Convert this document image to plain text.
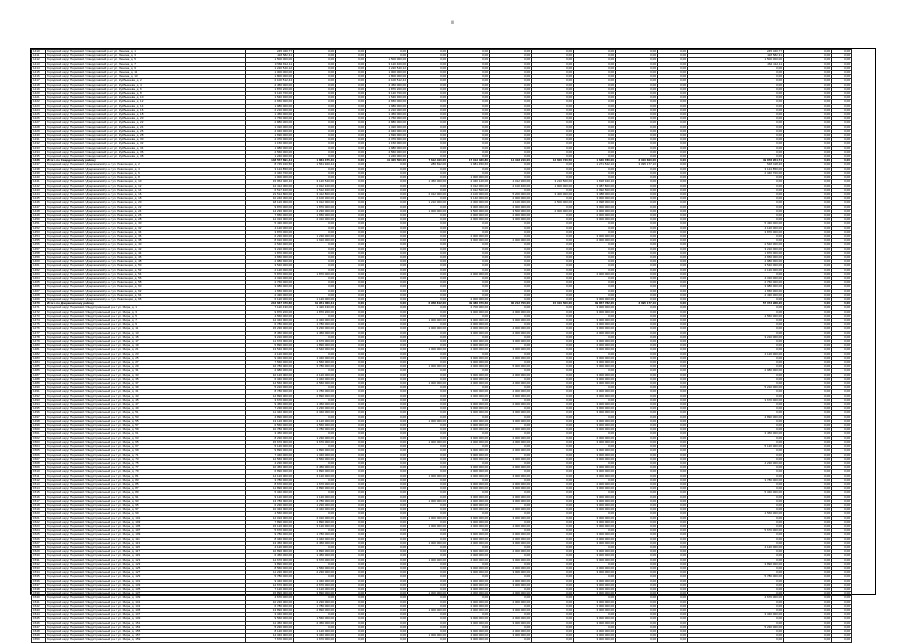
ii
1410	Городской округ Пермский / Свердловский р-н / ул. Ленина, д. 1	245 340,77	0,00	0,00	0,00	0,00	0,00	0,00	0,00	0,00	0,00	0,00	245 340,77	0,00	0,00
1411	Городской округ Пермский / Свердловский р-н / ул. Ленина, д. 3	118 582,31	0,00	0,00	0,00	0,00	0,00	0,00	0,00	0,00	0,00	0,00	118 582,31	0,00	0,00
1412	Городской округ Пермский / Свердловский р-н / ул. Ленина, д. 5	1 500 000,00	0,00	0,00	1 500 000,00	0,00	0,00	0,00	0,00	0,00	0,00	0,00	1 500 000,00	0,00	0,00
1413	Городской округ Пермский / Свердловский р-н / ул. Ленина, д. 7	3 582 812,11	0,00	0,00	3 120 400,00	0,00	0,00	0,00	0,00	0,00	0,00	0,00	462 412,11	0,00	0,00
1414	Городской округ Пермский / Свердловский р-н / ул. Ленина, д. 9	1 220 540,12	0,00	0,00	1 220 540,12	0,00	0,00	0,00	0,00	0,00	0,00	0,00	0,00	0,00	0,00
1415	Городской округ Пермский / Свердловский р-н / ул. Ленина, д. 11	1 000 000,00	0,00	0,00	1 000 000,00	0,00	0,00	0,00	0,00	0,00	0,00	0,00	0,00	0,00	0,00
1416	Городской округ Пермский / Свердловский р-н / ул. Ленина, д. 13	1 800 000,00	0,00	0,00	1 800 000,00	0,00	0,00	0,00	0,00	0,00	0,00	0,00	0,00	0,00	0,00
1417	Городской округ Пермский / Свердловский р-н / ул. Куйбышева, д. 2	2 100 512,44	0,00	0,00	2 100 512,44	0,00	0,00	0,00	0,00	0,00	0,00	0,00	0,00	0,00	0,00
1418	Городской округ Пермский / Свердловский р-н / ул. Куйбышева, д. 4	2 450 000,00	0,00	0,00	2 450 000,00	0,00	0,00	0,00	0,00	0,00	0,00	0,00	0,00	0,00	0,00
1419	Городской округ Пермский / Свердловский р-н / ул. Куйбышева, д. 6	1 870 200,00	0,00	0,00	1 870 200,00	0,00	0,00	0,00	0,00	0,00	0,00	0,00	0,00	0,00	0,00
1420	Городской округ Пермский / Свердловский р-н / ул. Куйбышева, д. 8	3 120 700,00	0,00	0,00	3 120 700,00	0,00	0,00	0,00	0,00	0,00	0,00	0,00	0,00	0,00	0,00
1421	Городской округ Пермский / Свердловский р-н / ул. Куйбышева, д. 10	1 540 300,00	0,00	0,00	1 540 300,00	0,00	0,00	0,00	0,00	0,00	0,00	0,00	0,00	0,00	0,00
1422	Городской округ Пермский / Свердловский р-н / ул. Куйбышева, д. 12	2 650 000,00	0,00	0,00	2 650 000,00	0,00	0,00	0,00	0,00	0,00	0,00	0,00	0,00	0,00	0,00
1423	Городской округ Пермский / Свердловский р-н / ул. Куйбышева, д. 14	1 980 000,00	0,00	0,00	1 980 000,00	0,00	0,00	0,00	0,00	0,00	0,00	0,00	0,00	0,00	0,00
1424	Городской округ Пермский / Свердловский р-н / ул. Куйбышева, д. 16	2 210 000,00	0,00	0,00	2 210 000,00	0,00	0,00	0,00	0,00	0,00	0,00	0,00	0,00	0,00	0,00
1425	Городской округ Пермский / Свердловский р-н / ул. Куйбышева, д. 18	1 450 000,00	0,00	0,00	1 450 000,00	0,00	0,00	0,00	0,00	0,00	0,00	0,00	0,00	0,00	0,00
1426	Городской округ Пермский / Свердловский р-н / ул. Куйбышева, д. 20	1 760 000,00	0,00	0,00	1 760 000,00	0,00	0,00	0,00	0,00	0,00	0,00	0,00	0,00	0,00	0,00
1427	Городской округ Пермский / Свердловский р-н / ул. Куйбышева, д. 22	2 880 000,00	0,00	0,00	2 880 000,00	0,00	0,00	0,00	0,00	0,00	0,00	0,00	0,00	0,00	0,00
1428	Городской округ Пермский / Свердловский р-н / ул. Куйбышева, д. 24	1 320 000,00	0,00	0,00	1 320 000,00	0,00	0,00	0,00	0,00	0,00	0,00	0,00	0,00	0,00	0,00
1429	Городской округ Пермский / Свердловский р-н / ул. Куйбышева, д. 26	2 040 000,00	0,00	0,00	2 040 000,00	0,00	0,00	0,00	0,00	0,00	0,00	0,00	0,00	0,00	0,00
1430	Городской округ Пермский / Свердловский р-н / ул. Куйбышева, д. 28	1 690 000,00	0,00	0,00	1 690 000,00	0,00	0,00	0,00	0,00	0,00	0,00	0,00	0,00	0,00	0,00
1431	Городской округ Пермский / Свердловский р-н / ул. Куйбышева, д. 30	2 370 000,00	0,00	0,00	2 370 000,00	0,00	0,00	0,00	0,00	0,00	0,00	0,00	0,00	0,00	0,00
1432	Городской округ Пермский / Свердловский р-н / ул. Куйбышева, д. 32	1 150 000,00	0,00	0,00	1 150 000,00	0,00	0,00	0,00	0,00	0,00	0,00	0,00	0,00	0,00	0,00
1433	Городской округ Пермский / Свердловский р-н / ул. Куйбышева, д. 34	1 980 000,00	0,00	0,00	1 980 000,00	0,00	0,00	0,00	0,00	0,00	0,00	0,00	0,00	0,00	0,00
1434	Городской округ Пермский / Свердловский р-н / ул. Куйбышева, д. 36	2 560 000,00	0,00	0,00	2 560 000,00	0,00	0,00	0,00	0,00	0,00	0,00	0,00	0,00	0,00	0,00
1435	Городской округ Пермский / Свердловский р-н / ул. Куйбышева, д. 38	1 240 000,00	0,00	0,00	1 240 000,00	0,00	0,00	0,00	0,00	0,00	0,00	0,00	0,00	0,00	0,00
1436	Итого по Свердловскому району	148 557 891,44	1 864 375,40	0,00	41 320 500,00	7 612 400,00	17 012 330,80	14 318 210,00	12 600 740,50	1 640 780,00	2 310 600,00	0,00	49 878 954,74	0,00	0,00
1437	Городской округ Пермский / Дзержинский р-н / ул. Революции, д. 2	8 745 320,50	1 561 920,44	0,00	0,00	286 812,00	1 981 450,66	0,00	0,00	1 271 542,10	3 095 177,10	0,00	548 418,20	0,00	0,00
1438	Городской округ Пермский / Дзержинский р-н / ул. Революции, д. 4	3 124 850,00	0,00	0,00	0,00	0,00	0,00	0,00	0,00	0,00	0,00	0,00	3 124 850,00	0,00	0,00
1439	Городской округ Пермский / Дзержинский р-н / ул. Революции, д. 6	2 340 700,00	0,00	0,00	0,00	0,00	0,00	0,00	0,00	0,00	0,00	0,00	2 340 700,00	0,00	0,00
1440	Городской округ Пермский / Дзержинский р-н / ул. Революции, д. 8	1 000 000,00	0,00	0,00	0,00	0,00	1 000 000,00	0,00	0,00	0,00	0,00	0,00	0,00	0,00	0,00
1441	Городской округ Пермский / Дзержинский р-н / ул. Революции, д. 10	15 952 400,10	3 120 540,00	0,00	0,00	1 450 000,00	2 340 120,00	4 012 300,00	3 210 500,00	1 818 940,10	0,00	0,00	0,00	0,00	0,00
1442	Городской округ Пермский / Дзержинский р-н / ул. Революции, д. 12	12 412 300,00	2 012 100,00	0,00	0,00	0,00	3 012 000,00	2 100 400,00	1 900 000,00	3 387 800,00	0,00	0,00	0,00	0,00	0,00
1443	Городской округ Пермский / Дзержинский р-н / ул. Революции, д. 14	6 517 400,00	1 512 400,00	0,00	0,00	0,00	2 012 500,00	0,00	0,00	2 992 500,00	0,00	0,00	0,00	0,00	0,00
1444	Городской округ Пермский / Дзержинский р-н / ул. Революции, д. 16	21 512 800,00	3 412 800,00	0,00	0,00	2 012 000,00	4 100 000,00	5 200 000,00	3 400 000,00	3 388 000,00	0,00	0,00	0,00	0,00	0,00
1445	Городской округ Пермский / Дзержинский р-н / ул. Революции, д. 18	10 240 300,00	2 100 300,00	0,00	0,00	0,00	3 140 000,00	2 000 000,00	0,00	3 000 000,00	0,00	0,00	0,00	0,00	0,00
1446	Городской округ Пермский / Дзержинский р-н / ул. Революции, д. 20	18 120 000,00	3 012 000,00	0,00	0,00	1 210 000,00	4 300 000,00	4 100 000,00	2 500 000,00	2 998 000,00	0,00	0,00	0,00	0,00	0,00
1447	Городской округ Пермский / Дзержинский р-н / ул. Революции, д. 22	9 870 000,00	1 870 000,00	0,00	0,00	0,00	3 000 000,00	2 000 000,00	0,00	3 000 000,00	0,00	0,00	0,00	0,00	0,00
1448	Городской округ Пермский / Дзержинский р-н / ул. Революции, д. 24	14 230 000,00	2 230 000,00	0,00	0,00	1 000 000,00	3 500 000,00	3 500 000,00	2 000 000,00	2 000 000,00	0,00	0,00	0,00	0,00	0,00
1449	Городской округ Пермский / Дзержинский р-н / ул. Революции, д. 26	7 650 000,00	1 650 000,00	0,00	0,00	0,00	2 000 000,00	2 000 000,00	0,00	2 000 000,00	0,00	0,00	0,00	0,00	0,00
1450	Городской округ Пермский / Дзержинский р-н / ул. Революции, д. 28	12 310 000,00	2 310 000,00	0,00	0,00	0,00	4 000 000,00	3 000 000,00	0,00	3 000 000,00	0,00	0,00	0,00	0,00	0,00
1451	Городской округ Пермский / Дзержинский р-н / ул. Революции, д. 30	5 430 000,00	0,00	0,00	0,00	0,00	0,00	0,00	0,00	0,00	0,00	0,00	5 430 000,00	0,00	0,00
1452	Городской округ Пермский / Дзержинский р-н / ул. Революции, д. 32	4 120 000,00	0,00	0,00	0,00	0,00	0,00	0,00	0,00	0,00	0,00	0,00	4 120 000,00	0,00	0,00
1453	Городской округ Пермский / Дзержинский р-н / ул. Революции, д. 34	3 870 000,00	0,00	0,00	0,00	0,00	0,00	0,00	0,00	0,00	0,00	0,00	3 870 000,00	0,00	0,00
1454	Городской округ Пермский / Дзержинский р-н / ул. Революции, д. 36	6 230 000,00	1 230 000,00	0,00	0,00	0,00	2 000 000,00	0,00	0,00	3 000 000,00	0,00	0,00	0,00	0,00	0,00
1455	Городской округ Пермский / Дзержинский р-н / ул. Революции, д. 38	8 910 000,00	1 910 000,00	0,00	0,00	0,00	3 000 000,00	2 000 000,00	0,00	2 000 000,00	0,00	0,00	0,00	0,00	0,00
1456	Городской округ Пермский / Дзержинский р-н / ул. Революции, д. 40	2 540 000,00	0,00	0,00	0,00	0,00	0,00	0,00	0,00	0,00	0,00	0,00	2 540 000,00	0,00	0,00
1457	Городской округ Пермский / Дзержинский р-н / ул. Революции, д. 42	3 210 000,00	0,00	0,00	0,00	0,00	0,00	0,00	0,00	0,00	0,00	0,00	3 210 000,00	0,00	0,00
1458	Городской округ Пермский / Дзержинский р-н / ул. Революции, д. 44	1 870 000,00	0,00	0,00	0,00	0,00	0,00	0,00	0,00	0,00	0,00	0,00	1 870 000,00	0,00	0,00
1459	Городской округ Пермский / Дзержинский р-н / ул. Революции, д. 46	4 650 000,00	0,00	0,00	0,00	0,00	0,00	0,00	0,00	0,00	0,00	0,00	4 650 000,00	0,00	0,00
1460	Городской округ Пермский / Дзержинский р-н / ул. Революции, д. 48	2 980 000,00	0,00	0,00	0,00	0,00	0,00	0,00	0,00	0,00	0,00	0,00	2 980 000,00	0,00	0,00
1461	Городской округ Пермский / Дзержинский р-н / ул. Революции, д. 50	3 540 000,00	0,00	0,00	0,00	0,00	0,00	0,00	0,00	0,00	0,00	0,00	3 540 000,00	0,00	0,00
1462	Городской округ Пермский / Дзержинский р-н / ул. Революции, д. 52	2 120 000,00	0,00	0,00	0,00	0,00	0,00	0,00	0,00	0,00	0,00	0,00	2 120 000,00	0,00	0,00
1463	Городской округ Пермский / Дзержинский р-н / ул. Революции, д. 54	5 870 000,00	1 870 000,00	0,00	0,00	0,00	2 000 000,00	0,00	0,00	2 000 000,00	0,00	0,00	0,00	0,00	0,00
1464	Городской округ Пермский / Дзержинский р-н / ул. Революции, д. 56	4 310 000,00	0,00	0,00	0,00	0,00	0,00	0,00	0,00	0,00	0,00	0,00	4 310 000,00	0,00	0,00
1465	Городской округ Пермский / Дзержинский р-н / ул. Революции, д. 58	2 760 000,00	0,00	0,00	0,00	0,00	0,00	0,00	0,00	0,00	0,00	0,00	2 760 000,00	0,00	0,00
1466	Городской округ Пермский / Дзержинский р-н / ул. Революции, д. 60	3 980 000,00	0,00	0,00	0,00	0,00	0,00	0,00	0,00	0,00	0,00	0,00	3 980 000,00	0,00	0,00
1467	Городской округ Пермский / Дзержинский р-н / ул. Революции, д. 62	1 650 000,00	0,00	0,00	0,00	0,00	0,00	0,00	0,00	0,00	0,00	0,00	1 650 000,00	0,00	0,00
1468	Городской округ Пермский / Дзержинский р-н / ул. Революции, д. 64	2 430 000,00	0,00	0,00	0,00	0,00	0,00	0,00	0,00	0,00	0,00	0,00	2 430 000,00	0,00	0,00
1469	Городской округ Пермский / Дзержинский р-н / ул. Революции, д. 66	6 120 000,00	1 120 000,00	0,00	0,00	0,00	2 000 000,00	0,00	0,00	3 000 000,00	0,00	0,00	0,00	0,00	0,00
1470	Итого по Дзержинскому району	243 667 370,60	31 951 060,44	0,00	0,00	6 958 812,00	49 386 070,66	30 212 700,00	15 010 500,00	39 857 782,20	3 095 177,10	0,00	57 073 968,20	0,00	0,00
1471	Городской округ Пермский / Индустриальный р-н / ул. Мира, д. 1	7 120 430,00	1 420 430,00	0,00	0,00	0,00	2 700 000,00	0,00	0,00	3 000 000,00	0,00	0,00	0,00	0,00	0,00
1472	Городской округ Пермский / Индустриальный р-н / ул. Мира, д. 3	9 870 200,00	1 870 200,00	0,00	0,00	0,00	3 000 000,00	2 000 000,00	0,00	3 000 000,00	0,00	0,00	0,00	0,00	0,00
1473	Городской округ Пермский / Индустриальный р-н / ул. Мира, д. 5	4 560 000,00	0,00	0,00	0,00	0,00	0,00	0,00	0,00	0,00	0,00	0,00	4 560 000,00	0,00	0,00
1474	Городской округ Пермский / Индустриальный р-н / ул. Мира, д. 7	12 340 000,00	2 340 000,00	0,00	0,00	1 000 000,00	3 000 000,00	3 000 000,00	0,00	3 000 000,00	0,00	0,00	0,00	0,00	0,00
1475	Городской округ Пермский / Индустриальный р-н / ул. Мира, д. 9	6 780 000,00	1 780 000,00	0,00	0,00	0,00	2 000 000,00	0,00	0,00	3 000 000,00	0,00	0,00	0,00	0,00	0,00
1476	Городской округ Пермский / Индустриальный р-н / ул. Мира, д. 11	15 230 000,00	3 230 000,00	0,00	0,00	1 000 000,00	4 000 000,00	4 000 000,00	0,00	3 000 000,00	0,00	0,00	0,00	0,00	0,00
1477	Городской округ Пермский / Индустриальный р-н / ул. Мира, д. 13	8 450 000,00	1 450 000,00	0,00	0,00	0,00	3 000 000,00	2 000 000,00	0,00	2 000 000,00	0,00	0,00	0,00	0,00	0,00
1478	Городской округ Пермский / Индустриальный р-н / ул. Мира, д. 15	3 210 000,00	0,00	0,00	0,00	0,00	0,00	0,00	0,00	0,00	0,00	0,00	3 210 000,00	0,00	0,00
1479	Городской округ Пермский / Индустриальный р-н / ул. Мира, д. 17	11 670 000,00	2 670 000,00	0,00	0,00	0,00	3 000 000,00	3 000 000,00	0,00	3 000 000,00	0,00	0,00	0,00	0,00	0,00
1480	Городской округ Пермский / Индустриальный р-н / ул. Мира, д. 19	5 890 000,00	1 890 000,00	0,00	0,00	0,00	2 000 000,00	0,00	0,00	2 000 000,00	0,00	0,00	0,00	0,00	0,00
1481	Городской округ Пермский / Индустриальный р-н / ул. Мира, д. 21	13 540 000,00	2 540 000,00	0,00	0,00	1 000 000,00	4 000 000,00	3 000 000,00	0,00	3 000 000,00	0,00	0,00	0,00	0,00	0,00
1482	Городской округ Пермский / Индустриальный р-н / ул. Мира, д. 23	4 120 000,00	0,00	0,00	0,00	0,00	0,00	0,00	0,00	0,00	0,00	0,00	4 120 000,00	0,00	0,00
1483	Городской округ Пермский / Индустриальный р-н / ул. Мира, д. 25	9 340 000,00	1 340 000,00	0,00	0,00	0,00	3 000 000,00	2 000 000,00	0,00	3 000 000,00	0,00	0,00	0,00	0,00	0,00
1484	Городской округ Пермский / Индустриальный р-н / ул. Мира, д. 27	7 560 000,00	1 560 000,00	0,00	0,00	0,00	3 000 000,00	0,00	0,00	3 000 000,00	0,00	0,00	0,00	0,00	0,00
1485	Городской округ Пермский / Индустриальный р-н / ул. Мира, д. 29	16 780 000,00	3 780 000,00	0,00	0,00	1 000 000,00	4 000 000,00	5 000 000,00	0,00	3 000 000,00	0,00	0,00	0,00	0,00	0,00
1486	Городской округ Пермский / Индустриальный р-н / ул. Мира, д. 31	2 980 000,00	0,00	0,00	0,00	0,00	0,00	0,00	0,00	0,00	0,00	0,00	2 980 000,00	0,00	0,00
1487	Городской округ Пермский / Индустриальный р-н / ул. Мира, д. 33	10 120 000,00	2 120 000,00	0,00	0,00	0,00	3 000 000,00	2 000 000,00	0,00	3 000 000,00	0,00	0,00	0,00	0,00	0,00
1488	Городской округ Пермский / Индустриальный р-н / ул. Мира, д. 35	6 340 000,00	1 340 000,00	0,00	0,00	0,00	2 000 000,00	0,00	0,00	3 000 000,00	0,00	0,00	0,00	0,00	0,00
1489	Городской округ Пермский / Индустриальный р-н / ул. Мира, д. 37	14 560 000,00	2 560 000,00	0,00	0,00	1 000 000,00	4 000 000,00	4 000 000,00	0,00	3 000 000,00	0,00	0,00	0,00	0,00	0,00
1490	Городской округ Пермский / Индустриальный р-н / ул. Мира, д. 39	5 210 000,00	0,00	0,00	0,00	0,00	0,00	0,00	0,00	0,00	0,00	0,00	5 210 000,00	0,00	0,00
1491	Городской округ Пермский / Индустриальный р-н / ул. Мира, д. 41	8 780 000,00	1 780 000,00	0,00	0,00	0,00	3 000 000,00	2 000 000,00	0,00	2 000 000,00	0,00	0,00	0,00	0,00	0,00
1492	Городской округ Пермский / Индустриальный р-н / ул. Мира, д. 43	12 890 000,00	2 890 000,00	0,00	0,00	0,00	4 000 000,00	3 000 000,00	0,00	3 000 000,00	0,00	0,00	0,00	0,00	0,00
1493	Городской округ Пермский / Индустриальный р-н / ул. Мира, д. 45	3 670 000,00	0,00	0,00	0,00	0,00	0,00	0,00	0,00	0,00	0,00	0,00	3 670 000,00	0,00	0,00
1494	Городской округ Пермский / Индустриальный р-н / ул. Мира, д. 47	9 450 000,00	1 450 000,00	0,00	0,00	0,00	3 000 000,00	2 000 000,00	0,00	3 000 000,00	0,00	0,00	0,00	0,00	0,00
1495	Городской округ Пермский / Индустриальный р-н / ул. Мира, д. 49	7 230 000,00	1 230 000,00	0,00	0,00	0,00	3 000 000,00	0,00	0,00	3 000 000,00	0,00	0,00	0,00	0,00	0,00
1496	Городской округ Пермский / Индустриальный р-н / ул. Мира, д. 51	11 340 000,00	2 340 000,00	0,00	0,00	0,00	3 000 000,00	3 000 000,00	0,00	3 000 000,00	0,00	0,00	0,00	0,00	0,00
1497	Городской округ Пермский / Индустриальный р-н / ул. Мира, д. 53	4 890 000,00	0,00	0,00	0,00	0,00	0,00	0,00	0,00	0,00	0,00	0,00	4 890 000,00	0,00	0,00
1498	Городской округ Пермский / Индустриальный р-н / ул. Мира, д. 55	13 120 000,00	2 120 000,00	0,00	0,00	1 000 000,00	4 000 000,00	3 000 000,00	0,00	3 000 000,00	0,00	0,00	0,00	0,00	0,00
1499	Городской округ Пермский / Индустриальный р-н / ул. Мира, д. 57	6 560 000,00	1 560 000,00	0,00	0,00	0,00	2 000 000,00	0,00	0,00	3 000 000,00	0,00	0,00	0,00	0,00	0,00
1500	Городской округ Пермский / Индустриальный р-н / ул. Мира, д. 59	10 780 000,00	1 780 000,00	0,00	0,00	0,00	4 000 000,00	2 000 000,00	0,00	3 000 000,00	0,00	0,00	0,00	0,00	0,00
1501	Городской округ Пермский / Индустриальный р-н / ул. Мира, д. 61	3 450 000,00	0,00	0,00	0,00	0,00	0,00	0,00	0,00	0,00	0,00	0,00	3 450 000,00	0,00	0,00
1502	Городской округ Пермский / Индустриальный р-н / ул. Мира, д. 63	8 230 000,00	1 230 000,00	0,00	0,00	0,00	3 000 000,00	2 000 000,00	0,00	2 000 000,00	0,00	0,00	0,00	0,00	0,00
1503	Городской округ Пермский / Индустриальный р-н / ул. Мира, д. 65	15 670 000,00	3 670 000,00	0,00	0,00	1 000 000,00	4 000 000,00	4 000 000,00	0,00	3 000 000,00	0,00	0,00	0,00	0,00	0,00
1504	Городской округ Пермский / Индустриальный р-н / ул. Мира, д. 67	5 120 000,00	0,00	0,00	0,00	0,00	0,00	0,00	0,00	0,00	0,00	0,00	5 120 000,00	0,00	0,00
1505	Городской округ Пермский / Индустриальный р-н / ул. Мира, д. 69	9 890 000,00	1 890 000,00	0,00	0,00	0,00	3 000 000,00	2 000 000,00	0,00	3 000 000,00	0,00	0,00	0,00	0,00	0,00
1506	Городской округ Пермский / Индустриальный р-н / ул. Мира, д. 71	7 340 000,00	1 340 000,00	0,00	0,00	0,00	3 000 000,00	0,00	0,00	3 000 000,00	0,00	0,00	0,00	0,00	0,00
1507	Городской округ Пермский / Индустриальный р-н / ул. Мира, д. 73	12 560 000,00	2 560 000,00	0,00	0,00	0,00	4 000 000,00	3 000 000,00	0,00	3 000 000,00	0,00	0,00	0,00	0,00	0,00
1508	Городской округ Пермский / Индустриальный р-н / ул. Мира, д. 75	4 230 000,00	0,00	0,00	0,00	0,00	0,00	0,00	0,00	0,00	0,00	0,00	4 230 000,00	0,00	0,00
1509	Городской округ Пермский / Индустриальный р-н / ул. Мира, д. 77	10 450 000,00	2 450 000,00	0,00	0,00	0,00	3 000 000,00	2 000 000,00	0,00	3 000 000,00	0,00	0,00	0,00	0,00	0,00
1510	Городской округ Пермский / Индустриальный р-н / ул. Мира, д. 79	6 890 000,00	1 890 000,00	0,00	0,00	0,00	2 000 000,00	0,00	0,00	3 000 000,00	0,00	0,00	0,00	0,00	0,00
1511	Городской округ Пермский / Индустриальный р-н / ул. Мира, д. 81	14 120 000,00	3 120 000,00	0,00	0,00	1 000 000,00	4 000 000,00	3 000 000,00	0,00	3 000 000,00	0,00	0,00	0,00	0,00	0,00
1512	Городской округ Пермский / Индустриальный р-н / ул. Мира, д. 83	3 780 000,00	0,00	0,00	0,00	0,00	0,00	0,00	0,00	0,00	0,00	0,00	3 780 000,00	0,00	0,00
1513	Городской округ Пермский / Индустриальный р-н / ул. Мира, д. 85	8 670 000,00	1 670 000,00	0,00	0,00	0,00	3 000 000,00	2 000 000,00	0,00	2 000 000,00	0,00	0,00	0,00	0,00	0,00
1514	Городской округ Пермский / Индустриальный р-н / ул. Мира, д. 87	11 890 000,00	2 890 000,00	0,00	0,00	0,00	3 000 000,00	3 000 000,00	0,00	3 000 000,00	0,00	0,00	0,00	0,00	0,00
1515	Городской округ Пермский / Индустриальный р-н / ул. Мира, д. 89	5 340 000,00	0,00	0,00	0,00	0,00	0,00	0,00	0,00	0,00	0,00	0,00	5 340 000,00	0,00	0,00
1516	Городской округ Пермский / Индустриальный р-н / ул. Мира, д. 91	9 120 000,00	1 120 000,00	0,00	0,00	0,00	3 000 000,00	2 000 000,00	0,00	3 000 000,00	0,00	0,00	0,00	0,00	0,00
1517	Городской округ Пермский / Индустриальный р-н / ул. Мира, д. 93	13 780 000,00	2 780 000,00	0,00	0,00	1 000 000,00	4 000 000,00	3 000 000,00	0,00	3 000 000,00	0,00	0,00	0,00	0,00	0,00
1518	Городской округ Пермский / Индустриальный р-н / ул. Мира, д. 95	6 230 000,00	1 230 000,00	0,00	0,00	0,00	2 000 000,00	0,00	0,00	3 000 000,00	0,00	0,00	0,00	0,00	0,00
1519	Городской округ Пермский / Индустриальный р-н / ул. Мира, д. 97	10 340 000,00	2 340 000,00	0,00	0,00	0,00	3 000 000,00	2 000 000,00	0,00	3 000 000,00	0,00	0,00	0,00	0,00	0,00
1520	Городской округ Пермский / Индустриальный р-н / ул. Мира, д. 99	4 560 000,00	0,00	0,00	0,00	0,00	0,00	0,00	0,00	0,00	0,00	0,00	4 560 000,00	0,00	0,00
1521	Городской округ Пермский / Индустриальный р-н / ул. Мира, д. 101	12 010 000,00	2 010 000,00	0,00	0,00	1 000 000,00	3 000 000,00	3 000 000,00	0,00	3 000 000,00	0,00	0,00	0,00	0,00	0,00
1522	Городской округ Пермский / Индустриальный р-н / ул. Мира, д. 103	7 890 000,00	1 890 000,00	0,00	0,00	0,00	3 000 000,00	0,00	0,00	3 000 000,00	0,00	0,00	0,00	0,00	0,00
1523	Городской округ Пермский / Индустриальный р-н / ул. Мира, д. 105	15 120 000,00	3 120 000,00	0,00	0,00	1 000 000,00	4 000 000,00	4 000 000,00	0,00	3 000 000,00	0,00	0,00	0,00	0,00	0,00
1524	Городской округ Пермский / Индустриальный р-н / ул. Мира, д. 107	5 670 000,00	0,00	0,00	0,00	0,00	0,00	0,00	0,00	0,00	0,00	0,00	5 670 000,00	0,00	0,00
1525	Городской округ Пермский / Индустриальный р-н / ул. Мира, д. 109	9 780 000,00	1 780 000,00	0,00	0,00	0,00	3 000 000,00	2 000 000,00	0,00	3 000 000,00	0,00	0,00	0,00	0,00	0,00
1526	Городской округ Пермский / Индустриальный р-н / ул. Мира, д. 111	8 340 000,00	1 340 000,00	0,00	0,00	0,00	3 000 000,00	2 000 000,00	0,00	2 000 000,00	0,00	0,00	0,00	0,00	0,00
1527	Городской округ Пермский / Индустриальный р-н / ул. Мира, д. 113	13 450 000,00	2 450 000,00	0,00	0,00	1 000 000,00	4 000 000,00	3 000 000,00	0,00	3 000 000,00	0,00	0,00	0,00	0,00	0,00
1528	Городской округ Пермский / Индустриальный р-н / ул. Мира, д. 115	4 120 000,00	0,00	0,00	0,00	0,00	0,00	0,00	0,00	0,00	0,00	0,00	4 120 000,00	0,00	0,00
1529	Городской округ Пермский / Индустриальный р-н / ул. Мира, д. 117	10 890 000,00	2 890 000,00	0,00	0,00	0,00	3 000 000,00	2 000 000,00	0,00	3 000 000,00	0,00	0,00	0,00	0,00	0,00
1530	Городской округ Пермский / Индустриальный р-н / ул. Мира, д. 119	6 450 000,00	1 450 000,00	0,00	0,00	0,00	2 000 000,00	0,00	0,00	3 000 000,00	0,00	0,00	0,00	0,00	0,00
1531	Городской округ Пермский / Индустриальный р-н / ул. Мира, д. 121	14 670 000,00	3 670 000,00	0,00	0,00	1 000 000,00	4 000 000,00	3 000 000,00	0,00	3 000 000,00	0,00	0,00	0,00	0,00	0,00
1532	Городской округ Пермский / Индустриальный р-н / ул. Мира, д. 123	3 890 000,00	0,00	0,00	0,00	0,00	0,00	0,00	0,00	0,00	0,00	0,00	3 890 000,00	0,00	0,00
1533	Городской округ Пермский / Индустриальный р-н / ул. Мира, д. 125	8 560 000,00	1 560 000,00	0,00	0,00	0,00	3 000 000,00	2 000 000,00	0,00	2 000 000,00	0,00	0,00	0,00	0,00	0,00
1534	Городской округ Пермский / Индустриальный р-н / ул. Мира, д. 127	11 230 000,00	2 230 000,00	0,00	0,00	0,00	3 000 000,00	3 000 000,00	0,00	3 000 000,00	0,00	0,00	0,00	0,00	0,00
1535	Городской округ Пермский / Индустриальный р-н / ул. Мира, д. 129	5 780 000,00	0,00	0,00	0,00	0,00	0,00	0,00	0,00	0,00	0,00	0,00	5 780 000,00	0,00	0,00
1536	Городской округ Пермский / Индустриальный р-н / ул. Мира, д. 131	9 340 000,00	1 340 000,00	0,00	0,00	0,00	3 000 000,00	2 000 000,00	0,00	3 000 000,00	0,00	0,00	0,00	0,00	0,00
1537	Городской округ Пермский / Индустриальный р-н / ул. Мира, д. 133	12 670 000,00	2 670 000,00	0,00	0,00	0,00	4 000 000,00	3 000 000,00	0,00	3 000 000,00	0,00	0,00	0,00	0,00	0,00
1538	Городской округ Пермский / Индустриальный р-н / ул. Мира, д. 135	7 120 000,00	1 120 000,00	0,00	0,00	0,00	3 000 000,00	0,00	0,00	3 000 000,00	0,00	0,00	0,00	0,00	0,00
1539	Городской округ Пермский / Индустриальный р-н / ул. Мира, д. 137	15 890 000,00	3 890 000,00	0,00	0,00	1 000 000,00	4 000 000,00	4 000 000,00	0,00	3 000 000,00	0,00	0,00	0,00	0,00	0,00
1540	Городской округ Пермский / Индустриальный р-н / ул. Мира, д. 139	4 670 000,00	0,00	0,00	0,00	0,00	0,00	0,00	0,00	0,00	0,00	0,00	4 670 000,00	0,00	0,00
1541	Городской округ Пермский / Индустриальный р-н / ул. Мира, д. 141	10 230 000,00	2 230 000,00	0,00	0,00	0,00	3 000 000,00	2 000 000,00	0,00	3 000 000,00	0,00	0,00	0,00	0,00	0,00
1542	Городской округ Пермский / Индустриальный р-н / ул. Мира, д. 143	6 780 000,00	1 780 000,00	0,00	0,00	0,00	2 000 000,00	0,00	0,00	3 000 000,00	0,00	0,00	0,00	0,00	0,00
1543	Городской округ Пермский / Индустриальный р-н / ул. Мира, д. 145	13 890 000,00	2 890 000,00	0,00	0,00	1 000 000,00	4 000 000,00	3 000 000,00	0,00	3 000 000,00	0,00	0,00	0,00	0,00	0,00
1544	Городской округ Пермский / Индустриальный р-н / ул. Мира, д. 147	3 340 000,00	0,00	0,00	0,00	0,00	0,00	0,00	0,00	0,00	0,00	0,00	3 340 000,00	0,00	0,00
1545	Городской округ Пермский / Индустриальный р-н / ул. Мира, д. 149	9 560 000,00	1 560 000,00	0,00	0,00	0,00	3 000 000,00	2 000 000,00	0,00	3 000 000,00	0,00	0,00	0,00	0,00	0,00
1546	Городской округ Пермский / Индустриальный р-н / ул. Мира, д. 151	11 450 000,00	2 450 000,00	0,00	0,00	0,00	3 000 000,00	3 000 000,00	0,00	3 000 000,00	0,00	0,00	0,00	0,00	0,00
1547	Городской округ Пермский / Индустриальный р-н / ул. Мира, д. 153	5 230 000,00	0,00	0,00	0,00	0,00	0,00	0,00	0,00	0,00	0,00	0,00	5 230 000,00	0,00	0,00
1548	Городской округ Пермский / Индустриальный р-н / ул. Мира, д. 155	8 120 000,00	1 120 000,00	0,00	0,00	0,00	3 000 000,00	2 000 000,00	0,00	2 000 000,00	0,00	0,00	0,00	0,00	0,00
1549	Городской округ Пермский / Индустриальный р-н / ул. Мира, д. 157	14 340 000,00	3 340 000,00	0,00	0,00	1 000 000,00	4 000 000,00	3 000 000,00	0,00	3 000 000,00	0,00	0,00	0,00	0,00	0,00
1550	Городской округ Пермский / Индустриальный р-н / ул. Мира, д. 159	7 670 000,00	1 670 000,00	0,00	0,00	0,00	3 000 000,00	0,00	0,00	3 000 000,00	0,00	0,00	0,00	0,00	0,00
